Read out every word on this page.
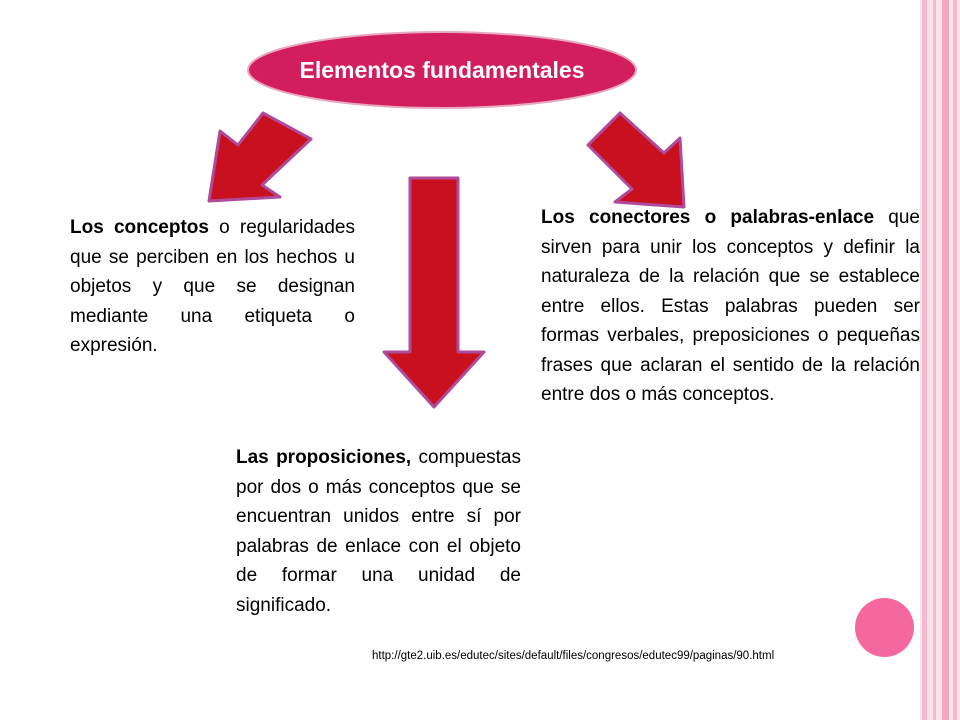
Elementos fundamentales
Los conceptos o regularidades que se perciben en los hechos u objetos y que se designan mediante una etiqueta o expresión.
Las proposiciones, compuestas por dos o más conceptos que se encuentran unidos entre sí por palabras de enlace con el objeto de formar una unidad de significado.
Los conectores o palabras-enlace que sirven para unir los conceptos y definir la naturaleza de la relación que se establece entre ellos. Estas palabras pueden ser formas verbales, preposiciones o pequeñas frases que aclaran el sentido de la relación entre dos o más conceptos.
http://gte2.uib.es/edutec/sites/default/files/congresos/edutec99/paginas/90.html
